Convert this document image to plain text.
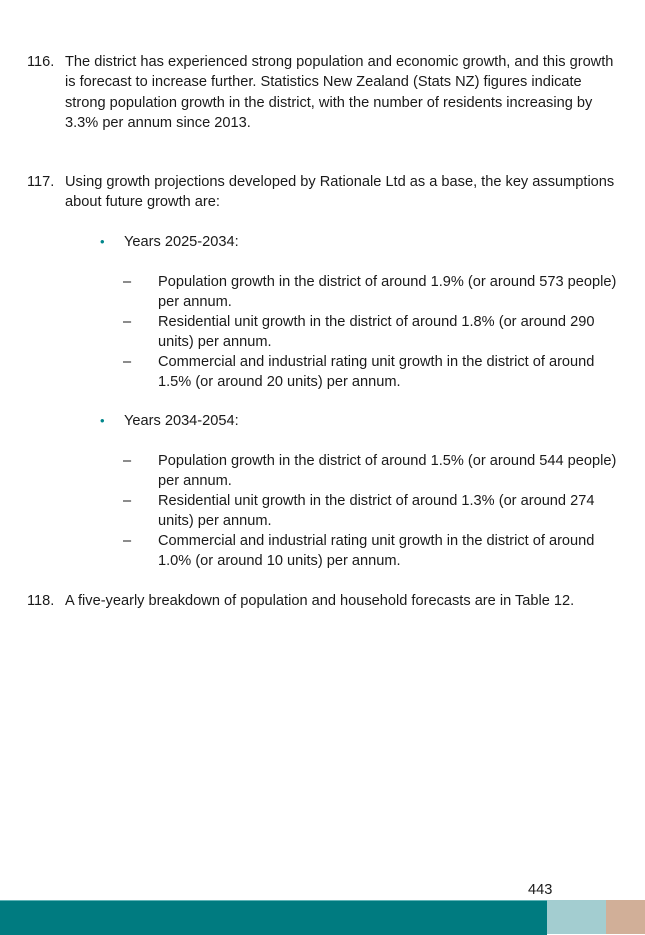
116. The district has experienced strong population and economic growth, and this growth is forecast to increase further. Statistics New Zealand (Stats NZ) figures indicate strong population growth in the district, with the number of residents increasing by 3.3% per annum since 2013.
117. Using growth projections developed by Rationale Ltd as a base, the key assumptions about future growth are:
• Years 2025-2034:
– Population growth in the district of around 1.9% (or around 573 people) per annum.
– Residential unit growth in the district of around 1.8% (or around 290 units) per annum.
– Commercial and industrial rating unit growth in the district of around 1.5% (or around 20 units) per annum.
• Years 2034-2054:
– Population growth in the district of around 1.5% (or around 544 people) per annum.
– Residential unit growth in the district of around 1.3% (or around 274 units) per annum.
– Commercial and industrial rating unit growth in the district of around 1.0% (or around 10 units) per annum.
118. A five-yearly breakdown of population and household forecasts are in Table 12.
443
